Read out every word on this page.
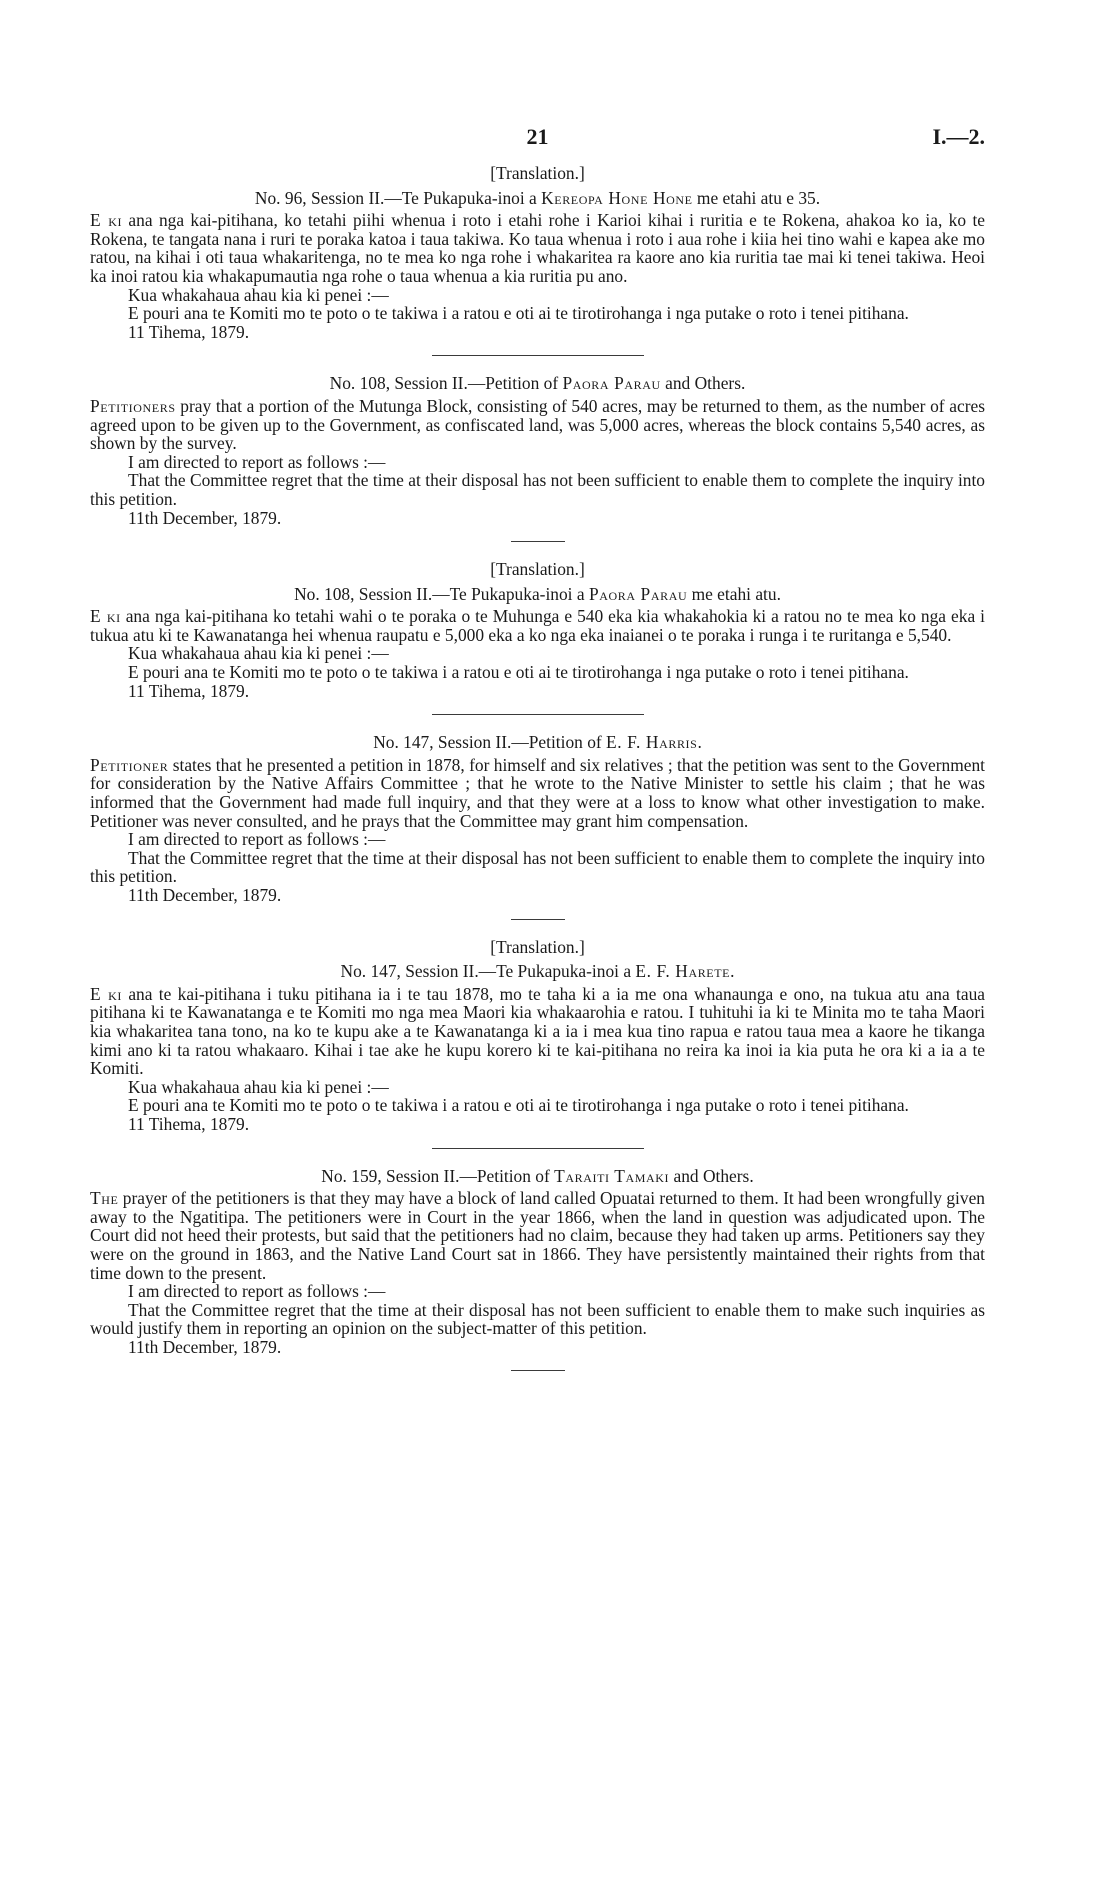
21	I.—2.
[Translation.]
No. 96, Session II.—Te Pukapuka-inoi a Kereopa Hone Hone me etahi atu e 35.

E ki ana nga kai-pitihana, ko tetahi piihi whenua i roto i etahi rohe i Karioi kihai i ruritia e te Rokena, ahakoa ko ia, ko te Rokena, te tangata nana i ruri te poraka katoa i taua takiwa. Ko taua whenua i roto i aua rohe i kiia hei tino wahi e kapea ake mo ratou, na kihai i oti taua whakaritenga, no te mea ko nga rohe i whakaritea ra kaore ano kia ruritia tae mai ki tenei takiwa. Heoi ka inoi ratou kia whakapumautia nga rohe o taua whenua a kia ruritia pu ano.

Kua whakahaua ahau kia ki penei :—

E pouri ana te Komiti mo te poto o te takiwa i a ratou e oti ai te tirotirohanga i nga putake o roto i tenei pitihana.

11 Tihema, 1879.

No. 108, Session II.—Petition of Paora Parau and Others.

Petitioners pray that a portion of the Mutunga Block, consisting of 540 acres, may be returned to them, as the number of acres agreed upon to be given up to the Government, as confiscated land, was 5,000 acres, whereas the block contains 5,540 acres, as shown by the survey.

I am directed to report as follows :—

That the Committee regret that the time at their disposal has not been sufficient to enable them to complete the inquiry into this petition.

11th December, 1879.

[Translation.]
No. 108, Session II.—Te Pukapuka-inoi a Paora Parau me etahi atu.

E ki ana nga kai-pitihana ko tetahi wahi o te poraka o te Muhunga e 540 eka kia whakahokia ki a ratou no te mea ko nga eka i tukua atu ki te Kawanatanga hei whenua raupatu e 5,000 eka a ko nga eka inaianei o te poraka i runga i te ruritanga e 5,540.

Kua whakahaua ahau kia ki penei :—

E pouri ana te Komiti mo te poto o te takiwa i a ratou e oti ai te tirotirohanga i nga putake o roto i tenei pitihana.

11 Tihema, 1879.

No. 147, Session II.—Petition of E. F. Harris.

Petitioner states that he presented a petition in 1878, for himself and six relatives ; that the petition was sent to the Government for consideration by the Native Affairs Committee ; that he wrote to the Native Minister to settle his claim ; that he was informed that the Government had made full inquiry, and that they were at a loss to know what other investigation to make. Petitioner was never consulted, and he prays that the Committee may grant him compensation.

I am directed to report as follows :—

That the Committee regret that the time at their disposal has not been sufficient to enable them to complete the inquiry into this petition.

11th December, 1879.

[Translation.]
No. 147, Session II.—Te Pukapuka-inoi a E. F. Harete.

E ki ana te kai-pitihana i tuku pitihana ia i te tau 1878, mo te taha ki a ia me ona whanaunga e ono, na tukua atu ana taua pitihana ki te Kawanatanga e te Komiti mo nga mea Maori kia whakaarohia e ratou. I tuhituhi ia ki te Minita mo te taha Maori kia whakaritea tana tono, na ko te kupu ake a te Kawanatanga ki a ia i mea kua tino rapua e ratou taua mea a kaore he tikanga kimi ano ki ta ratou whakaaro. Kihai i tae ake he kupu korero ki te kai-pitihana no reira ka inoi ia kia puta he ora ki a ia a te Komiti.

Kua whakahaua ahau kia ki penei :—

E pouri ana te Komiti mo te poto o te takiwa i a ratou e oti ai te tirotirohanga i nga putake o roto i tenei pitihana.

11 Tihema, 1879.

No. 159, Session II.—Petition of Taraiti Tamaki and Others.

The prayer of the petitioners is that they may have a block of land called Opuatai returned to them. It had been wrongfully given away to the Ngatitipa. The petitioners were in Court in the year 1866, when the land in question was adjudicated upon. The Court did not heed their protests, but said that the petitioners had no claim, because they had taken up arms. Petitioners say they were on the ground in 1863, and the Native Land Court sat in 1866. They have persistently maintained their rights from that time down to the present.

I am directed to report as follows :—

That the Committee regret that the time at their disposal has not been sufficient to enable them to make such inquiries as would justify them in reporting an opinion on the subject-matter of this petition.

11th December, 1879.
